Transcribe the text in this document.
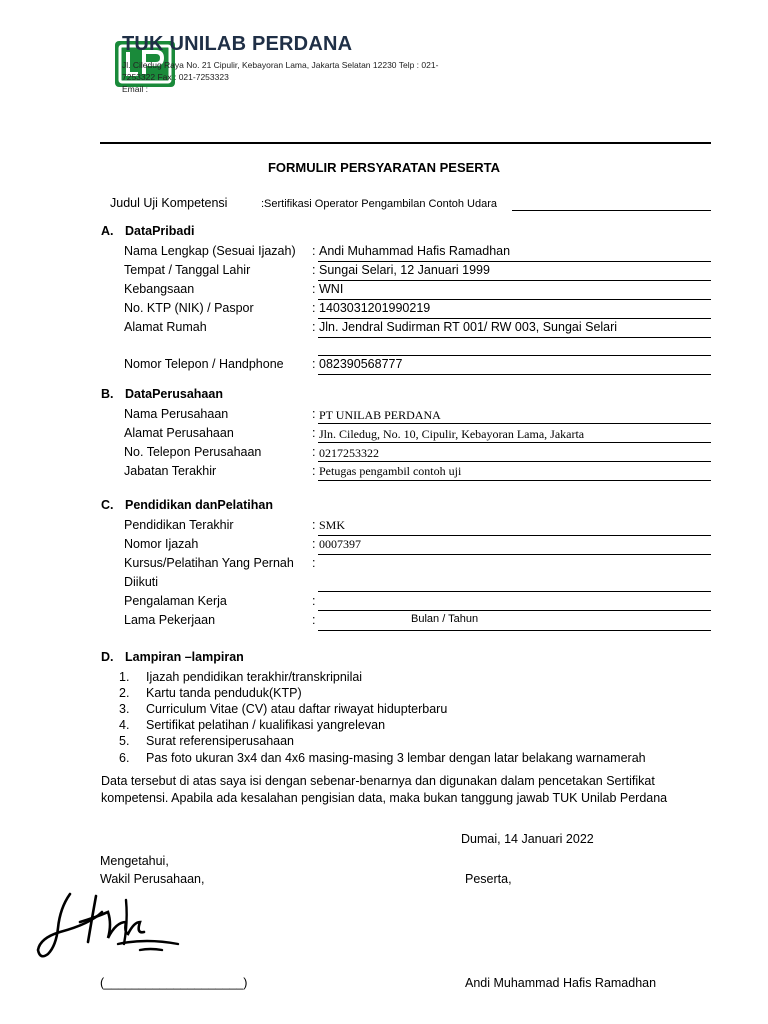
TUK UNILAB PERDANA
Jl. Ciledug Raya No. 21 Cipulir, Kebayoran Lama, Jakarta Selatan 12230 Telp : 021-
7253322 Fax : 021-7253323
Email :
FORMULIR PERSYARATAN PESERTA
Judul Uji Kompetensi	:Sertifikasi Operator Pengambilan Contoh Udara
A. DataPribadi
Nama Lengkap (Sesuai Ijazah) : Andi Muhammad Hafis Ramadhan
Tempat / Tanggal Lahir	: Sungai Selari, 12 Januari 1999
Kebangsaan	: WNI
No. KTP (NIK) / Paspor	: 1403031201990219
Alamat Rumah	: Jln. Jendral Sudirman RT 001/ RW 003, Sungai Selari
Nomor Telepon / Handphone : 082390568777
B. DataPerusahaan
Nama Perusahaan	: PT UNILAB PERDANA
Alamat Perusahaan	: Jln. Ciledug, No. 10, Cipulir, Kebayoran Lama, Jakarta
No. Telepon Perusahaan	: 0217253322
Jabatan Terakhir	: Petugas pengambil contoh uji
C. Pendidikan danPelatihan
Pendidikan Terakhir	: SMK
Nomor Ijazah	: 0007397
Kursus/Pelatihan Yang Pernah :
Diikuti
Pengalaman Kerja	:
Lama Pekerjaan	:	Bulan / Tahun
D. Lampiran –lampiran
1. Ijazah pendidikan terakhir/transkripnilai
2. Kartu tanda penduduk(KTP)
3. Curriculum Vitae (CV) atau daftar riwayat hidupterbaru
4. Sertifikat pelatihan / kualifikasi yangrelevan
5. Surat referensiperusahaan
6. Pas foto ukuran 3x4 dan 4x6 masing-masing 3 lembar dengan latar belakang warnamerah
Data tersebut di atas saya isi dengan sebenar-benarnya dan digunakan dalam pencetakan Sertifikat kompetensi. Apabila ada kesalahan pengisian data, maka bukan tanggung jawab TUK Unilab Perdana
Dumai, 14 Januari 2022
Mengetahui,
Wakil Perusahaan,	Peserta,
(____________________)	Andi Muhammad Hafis Ramadhan
